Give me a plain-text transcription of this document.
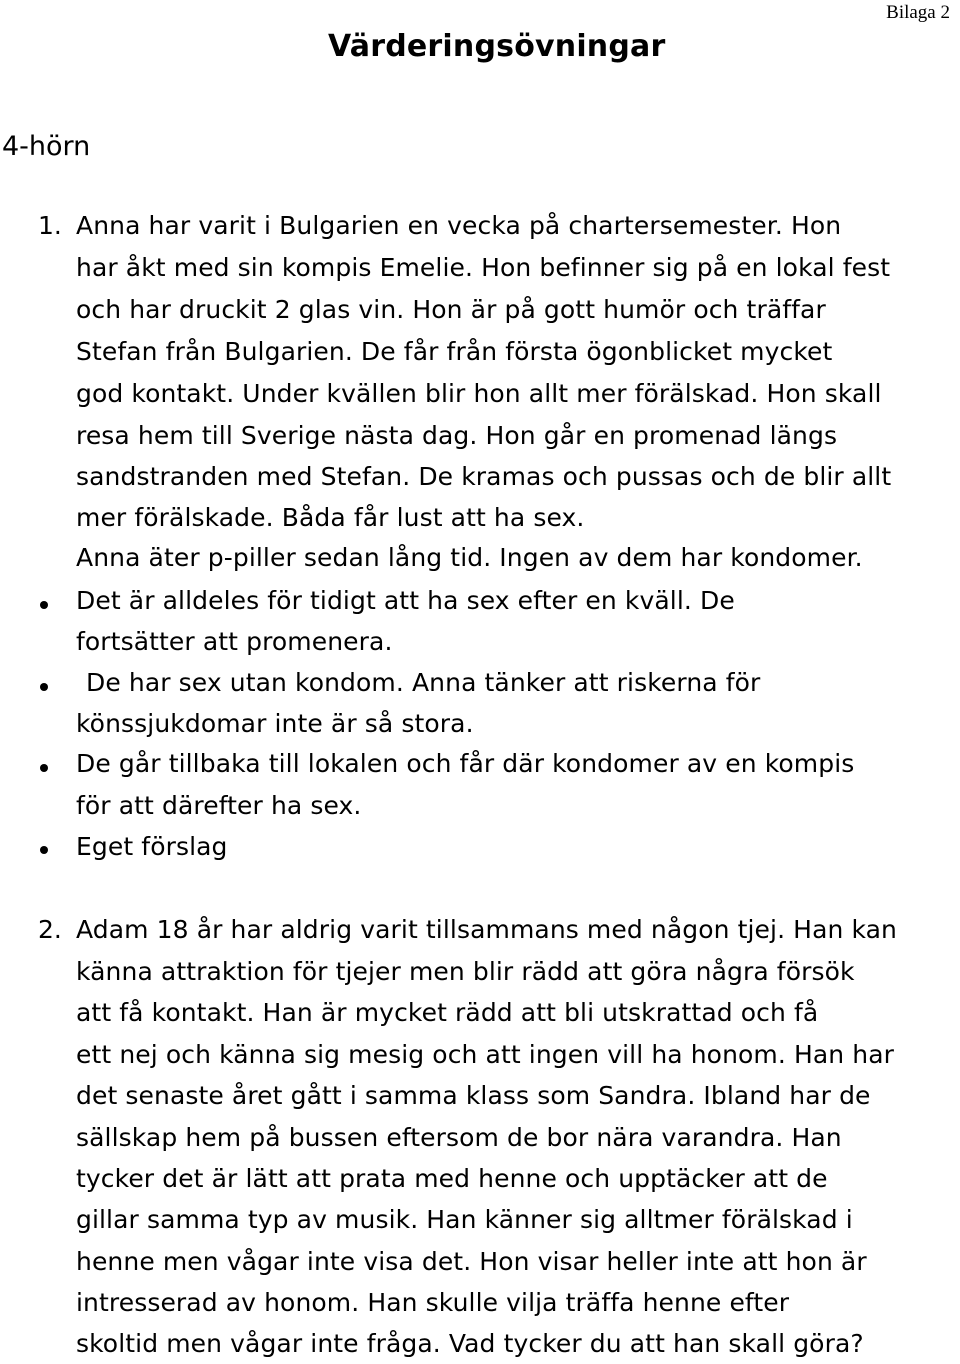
Bilaga 2
Värderingsövningar
4-hörn
1. Anna har varit i Bulgarien en vecka på chartersemester. Hon
har åkt med sin kompis Emelie. Hon befinner sig på en lokal fest
och har druckit 2 glas vin. Hon är på gott humör och träffar
Stefan från Bulgarien. De får från första ögonblicket mycket
god kontakt. Under kvällen blir hon allt mer förälskad. Hon skall
resa hem till Sverige nästa dag. Hon går en promenad längs
sandstranden med Stefan. De kramas och pussas och de blir allt
mer förälskade. Båda får lust att ha sex.
Anna äter p-piller sedan lång tid. Ingen av dem har kondomer.
Det är alldeles för tidigt att ha sex efter en kväll. De
fortsätter att promenera.
De har sex utan kondom. Anna tänker att riskerna för
könssjukdomar inte är så stora.
De går tillbaka till lokalen och får där kondomer av en kompis
för att därefter ha sex.
Eget förslag
2. Adam 18 år har aldrig varit tillsammans med någon tjej. Han kan
känna attraktion för tjejer men blir rädd att göra några försök
att få kontakt. Han är mycket rädd att bli utskrattad och få
ett nej och känna sig mesig och att ingen vill ha honom. Han har
det senaste året gått i samma klass som Sandra. Ibland har de
sällskap hem på bussen eftersom de bor nära varandra. Han
tycker det är lätt att prata med henne och upptäcker att de
gillar samma typ av musik. Han känner sig alltmer förälskad i
henne men vågar inte visa det. Hon visar heller inte att hon är
intresserad av honom. Han skulle vilja träffa henne efter
skoltid men vågar inte fråga. Vad tycker du att han skall göra?
